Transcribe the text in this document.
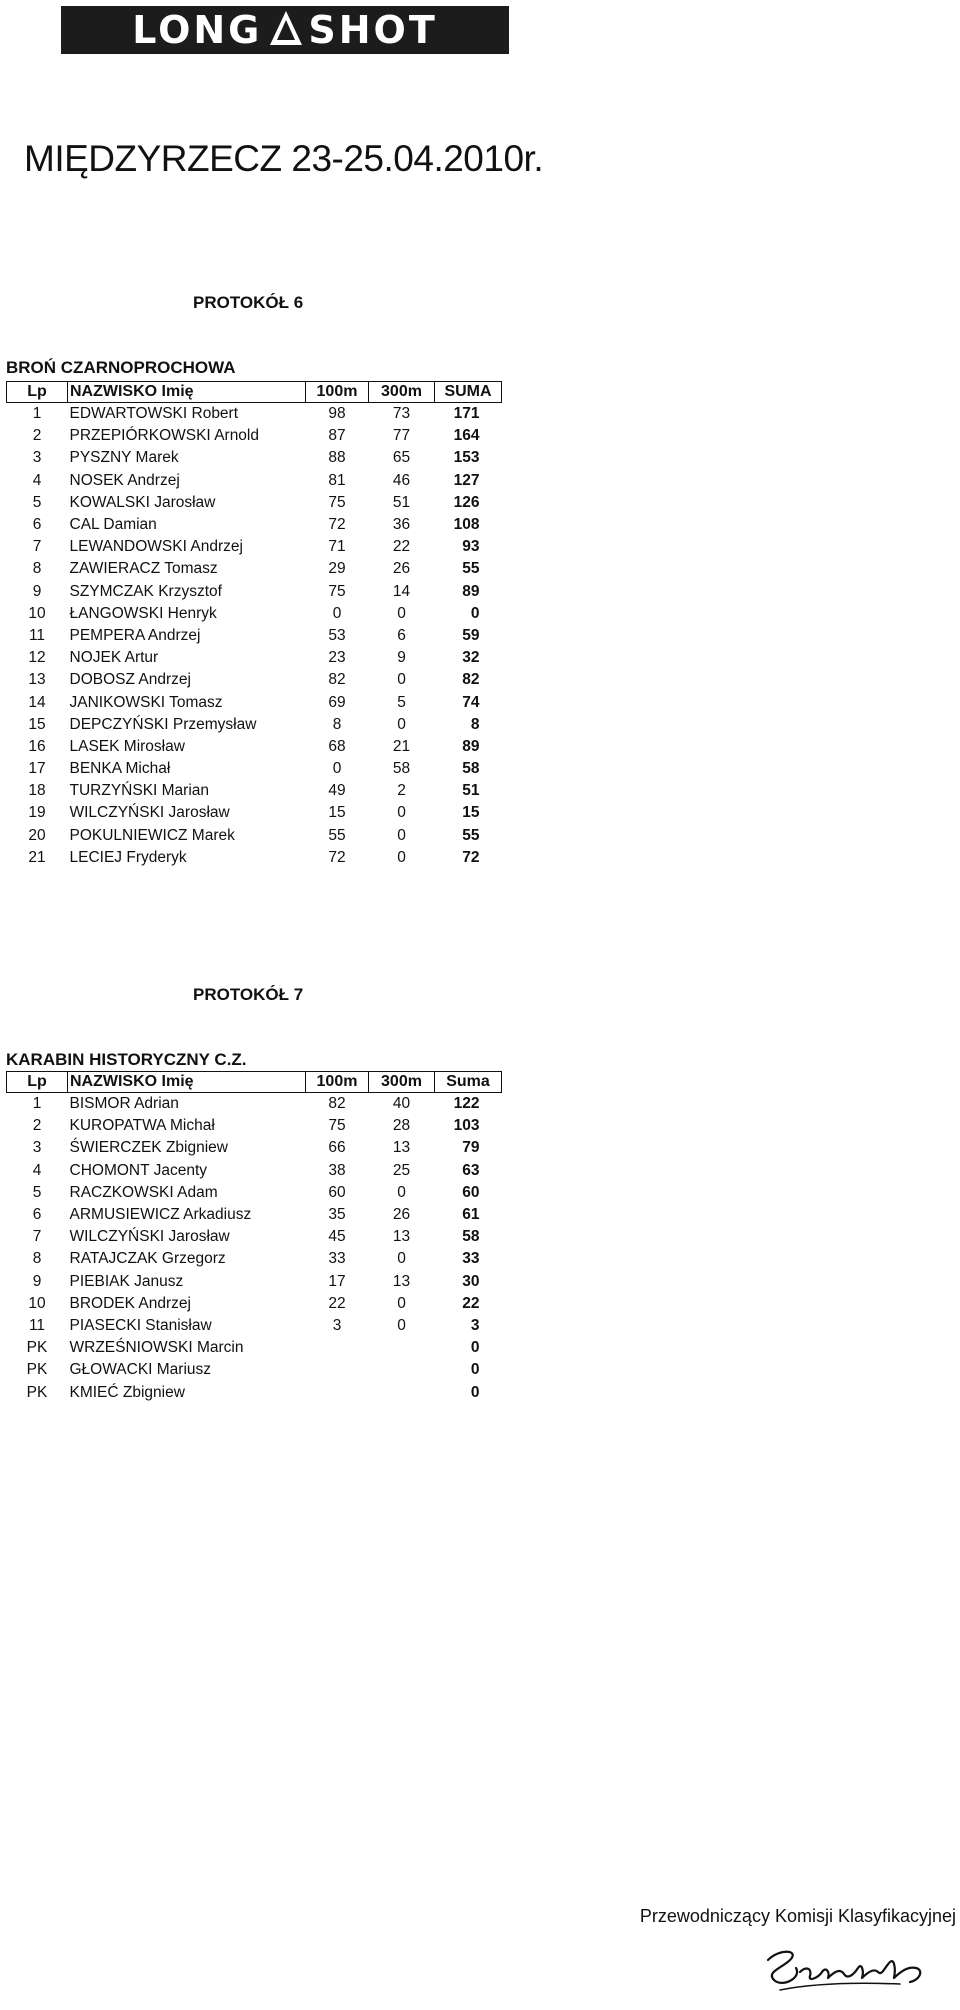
LONG SHOT
MIĘDZYRZECZ 23-25.04.2010r.
PROTOKÓŁ 6
BROŃ CZARNOPROCHOWA
Lp	NAZWISKO Imię	100m	300m	SUMA
1	EDWARTOWSKI Robert	98	73	171
2	PRZEPIÓRKOWSKI Arnold	87	77	164
3	PYSZNY Marek	88	65	153
4	NOSEK Andrzej	81	46	127
5	KOWALSKI Jarosław	75	51	126
6	CAL Damian	72	36	108
7	LEWANDOWSKI Andrzej	71	22	93
8	ZAWIERACZ Tomasz	29	26	55
9	SZYMCZAK Krzysztof	75	14	89
10	ŁANGOWSKI Henryk	0	0	0
11	PEMPERA Andrzej	53	6	59
12	NOJEK Artur	23	9	32
13	DOBOSZ Andrzej	82	0	82
14	JANIKOWSKI Tomasz	69	5	74
15	DEPCZYŃSKI Przemysław	8	0	8
16	LASEK Mirosław	68	21	89
17	BENKA Michał	0	58	58
18	TURZYŃSKI Marian	49	2	51
19	WILCZYŃSKI Jarosław	15	0	15
20	POKULNIEWICZ Marek	55	0	55
21	LECIEJ Fryderyk	72	0	72
PROTOKÓŁ 7
KARABIN HISTORYCZNY C.Z.
Lp	NAZWISKO Imię	100m	300m	Suma
1	BISMOR Adrian	82	40	122
2	KUROPATWA Michał	75	28	103
3	ŚWIERCZEK Zbigniew	66	13	79
4	CHOMONT Jacenty	38	25	63
5	RACZKOWSKI Adam	60	0	60
6	ARMUSIEWICZ Arkadiusz	35	26	61
7	WILCZYŃSKI Jarosław	45	13	58
8	RATAJCZAK Grzegorz	33	0	33
9	PIEBIAK Janusz	17	13	30
10	BRODEK Andrzej	22	0	22
11	PIASECKI Stanisław	3	0	3
PK	WRZEŚNIOWSKI Marcin			0
PK	GŁOWACKI Mariusz			0
PK	KMIEĆ Zbigniew			0
Przewodniczący Komisji Klasyfikacyjnej
